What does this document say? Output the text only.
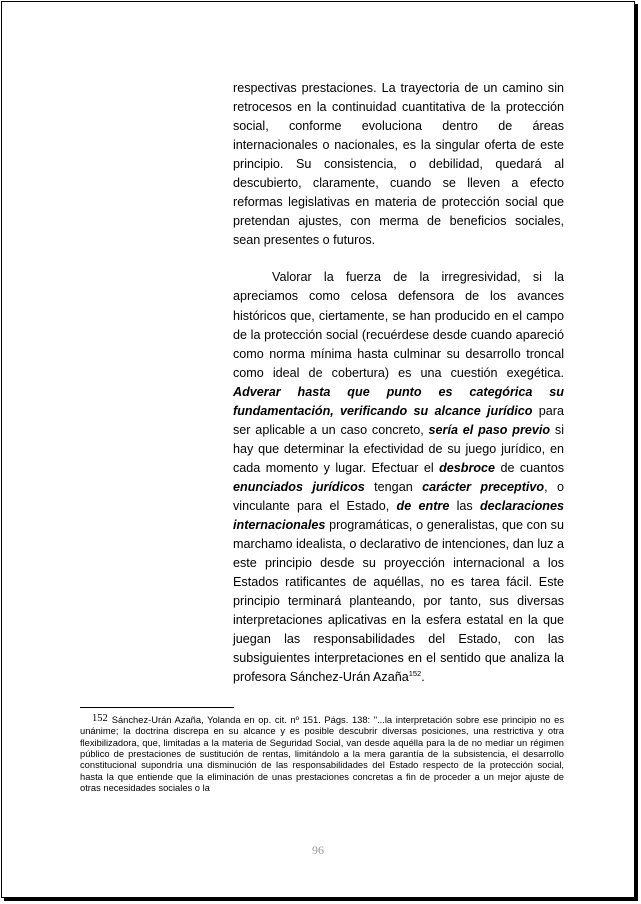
respectivas prestaciones. La trayectoria de un camino sin retrocesos en la continuidad cuantitativa de la protección social, conforme evoluciona dentro de áreas internacionales o nacionales, es la singular oferta de este principio. Su consistencia, o debilidad, quedará al descubierto, claramente, cuando se lleven a efecto reformas legislativas en materia de protección social que pretendan ajustes, con merma de beneficios sociales, sean presentes o futuros.

Valorar la fuerza de la irregresividad, si la apreciamos como celosa defensora de los avances históricos que, ciertamente, se han producido en el campo de la protección social (recuérdese desde cuando apareció como norma mínima hasta culminar su desarrollo troncal como ideal de cobertura) es una cuestión exegética. Adverar hasta que punto es categórica su fundamentación, verificando su alcance jurídico para ser aplicable a un caso concreto, sería el paso previo si hay que determinar la efectividad de su juego jurídico, en cada momento y lugar. Efectuar el desbroce de cuantos enunciados jurídicos tengan carácter preceptivo, o vinculante para el Estado, de entre las declaraciones internacionales programáticas, o generalistas, que con su marchamo idealista, o declarativo de intenciones, dan luz a este principio desde su proyección internacional a los Estados ratificantes de aquéllas, no es tarea fácil. Este principio terminará planteando, por tanto, sus diversas interpretaciones aplicativas en la esfera estatal en la que juegan las responsabilidades del Estado, con las subsiguientes interpretaciones en el sentido que analiza la profesora Sánchez-Urán Azaña$^{152}$.

152 Sánchez-Urán Azaña, Yolanda en op. cit. nº 151. Págs. 138: "...la interpretación sobre ese principio no es unánime; la doctrina discrepa en su alcance y es posible descubrir diversas posiciones, una restrictiva y otra flexibilizadora, que, limitadas a la materia de Seguridad Social, van desde aquélla para la de no mediar un régimen público de prestaciones de sustitución de rentas, limitándolo a la mera garantía de la subsistencia, el desarrollo constitucional supondría una disminución de las responsabilidades del Estado respecto de la protección social, hasta la que entiende que la eliminación de unas prestaciones concretas a fin de proceder a un mejor ajuste de otras necesidades sociales o la

96
